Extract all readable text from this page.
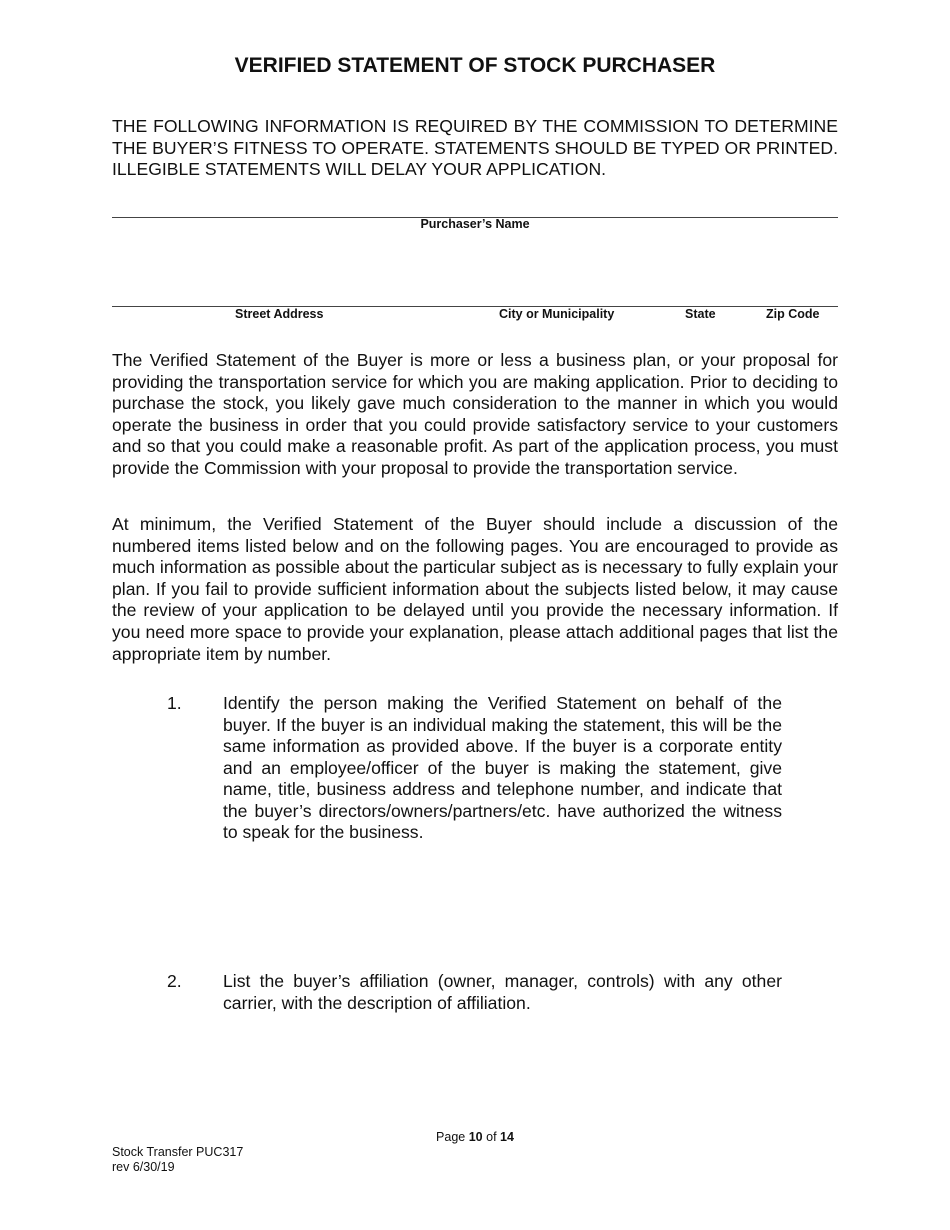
VERIFIED STATEMENT OF STOCK PURCHASER

THE FOLLOWING INFORMATION IS REQUIRED BY THE COMMISSION TO DETERMINE THE BUYER’S FITNESS TO OPERATE. STATEMENTS SHOULD BE TYPED OR PRINTED. ILLEGIBLE STATEMENTS WILL DELAY YOUR APPLICATION.

Purchaser’s Name
Street Address	City or Municipality	State	Zip Code

The Verified Statement of the Buyer is more or less a business plan, or your proposal for providing the transportation service for which you are making application. Prior to deciding to purchase the stock, you likely gave much consideration to the manner in which you would operate the business in order that you could provide satisfactory service to your customers and so that you could make a reasonable profit. As part of the application process, you must provide the Commission with your proposal to provide the transportation service.

At minimum, the Verified Statement of the Buyer should include a discussion of the numbered items listed below and on the following pages. You are encouraged to provide as much information as possible about the particular subject as is necessary to fully explain your plan. If you fail to provide sufficient information about the subjects listed below, it may cause the review of your application to be delayed until you provide the necessary information. If you need more space to provide your explanation, please attach additional pages that list the appropriate item by number.

1. Identify the person making the Verified Statement on behalf of the buyer. If the buyer is an individual making the statement, this will be the same information as provided above. If the buyer is a corporate entity and an employee/officer of the buyer is making the statement, give name, title, business address and telephone number, and indicate that the buyer’s directors/owners/partners/etc. have authorized the witness to speak for the business.

2. List the buyer’s affiliation (owner, manager, controls) with any other carrier, with the description of affiliation.

Page 10 of 14
Stock Transfer PUC317
rev 6/30/19
